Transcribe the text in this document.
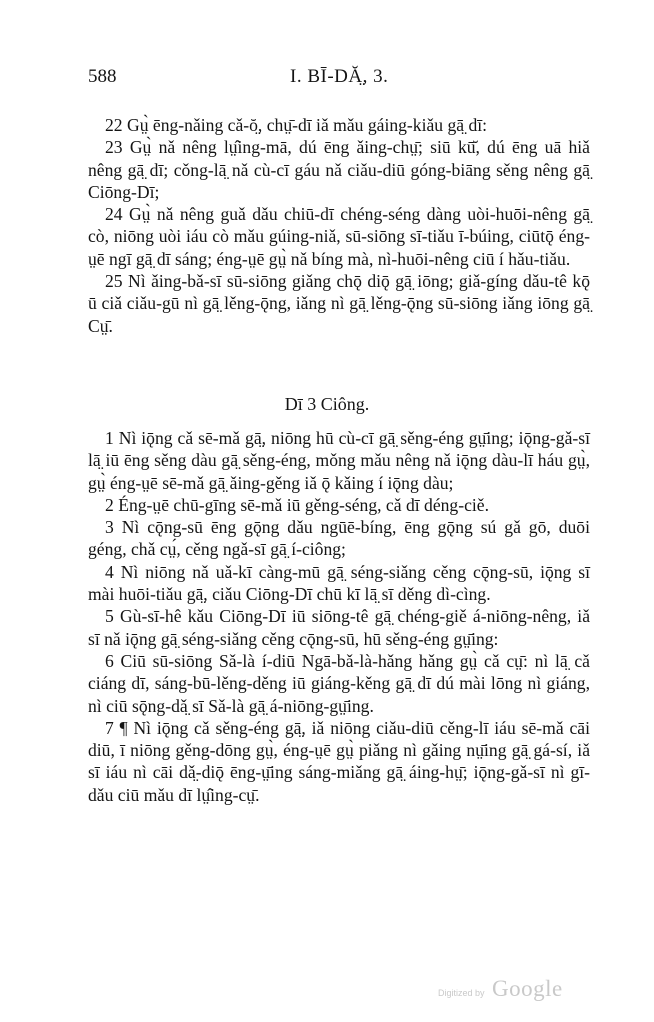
588	I. BĪ-DĂ̤, 3.

22 Gṳ̀ ēng-nǎing cǎ-ŏ̤, chṳ̄-dī iǎ mǎu gáing-kiǎu gā̤ dī:

23 Gṳ̀ nǎ nêng lṳ̂ing-mā, dú ēng ǎing-chṳ̄; siū kū̆, dú ēng uā hiǎ nêng gā̤ dī; cǒng-lā̤ nǎ cù-cī gáu nǎ ciǎu-diū góng-biāng sěng nêng gā̤ Ciōng-Dī;

24 Gṳ̀ nǎ nêng guǎ dǎu chiū-dī chéng-séng dàng uòi-huōi-nêng gā̤ cò, niōng uòi iáu cò mǎu gúing-niǎ, sū-siōng sī-tiǎu ī-búing, ciūtǭ éng-ṳē ngī gā̤ dī sáng; éng-ṳē gṳ̀ nǎ bíng mà, nì-huōi-nêng ciū í hǎu-tiǎu.

25 Nì ǎing-bǎ-sī sū-siōng giǎng chǭ diǭ gā̤ iōng; giǎ-gíng dǎu-tê kǭ ū ciǎ ciǎu-gū nì gā̤ lěng-ǭng, iǎng nì gā̤ lěng-ǭng sū-siōng iǎng iōng gā̤ Cṳ̄.

Dī 3 Ciông.

1 Nì iǭng cǎ sē-mǎ gā̤, niōng hū cù-cī gā̤ sěng-éng gṳ̄ing; iǭng-gǎ-sī lā̤ iū ēng sěng dàu gā̤ sěng-éng, mǒng mǎu nêng nǎ iǭng dàu-lī háu gṳ̀, gṳ̀ éng-ṳē sē-mǎ gā̤ ǎing-gěng iǎ ǭ kǎing í iǭng dàu;

2 Éng-ṳē chū-gīng sē-mǎ iū gěng-séng, cǎ dī déng-ciě.

3 Nì cǭng-sū ēng gǭng dǎu ngūē-bíng, ēng gǭng sú gǎ gō, duōi géng, chǎ cṳ́, cěng ngǎ-sī gā̤ í-ciông;

4 Nì niōng nǎ uǎ-kī càng-mū gā̤ séng-siǎng cěng cǭng-sū, iǭng sī mài huōi-tiǎu gā̤, ciǎu Ciōng-Dī chū kī lā̤ sī děng dì-cìng.

5 Gù-sī-hê kǎu Ciōng-Dī iū siōng-tê gā̤ chéng-giě á-niōng-nêng, iǎ sī nǎ iǭng gā̤ séng-siǎng cěng cǭng-sū, hū sěng-éng gṳ̄ing:

6 Ciū sū-siōng Sǎ-là í-diū Ngā-bǎ-là-hǎng hǎng gṳ̀ cǎ cṳ̄: nì lā̤ cǎ ciáng dī, sáng-bū-lěng-děng iū giáng-kěng gā̤ dī dú mài lōng nì giáng, nì ciū sǭng-dǎ̤ sī Sǎ-là gā̤ á-niōng-gṳ̄ing.

7 ¶ Nì iǭng cǎ sěng-éng gā̤, iǎ niōng ciǎu-diū cěng-lī iáu sē-mǎ cāi diū, ī niōng gěng-dōng gṳ̀, éng-ṳē gṳ̀ piǎng nì gǎing nṳ̄ing gā̤ gá-sí, iǎ sī iáu nì cāi dǎ̤-diǭ ēng-ṳ̄ing sáng-miǎng gā̤ áing-hṳ̄; iǭng-gǎ-sī nì gī-dǎu ciū mǎu dī lṳ̂ing-cṳ̄.

Digitized by Google
